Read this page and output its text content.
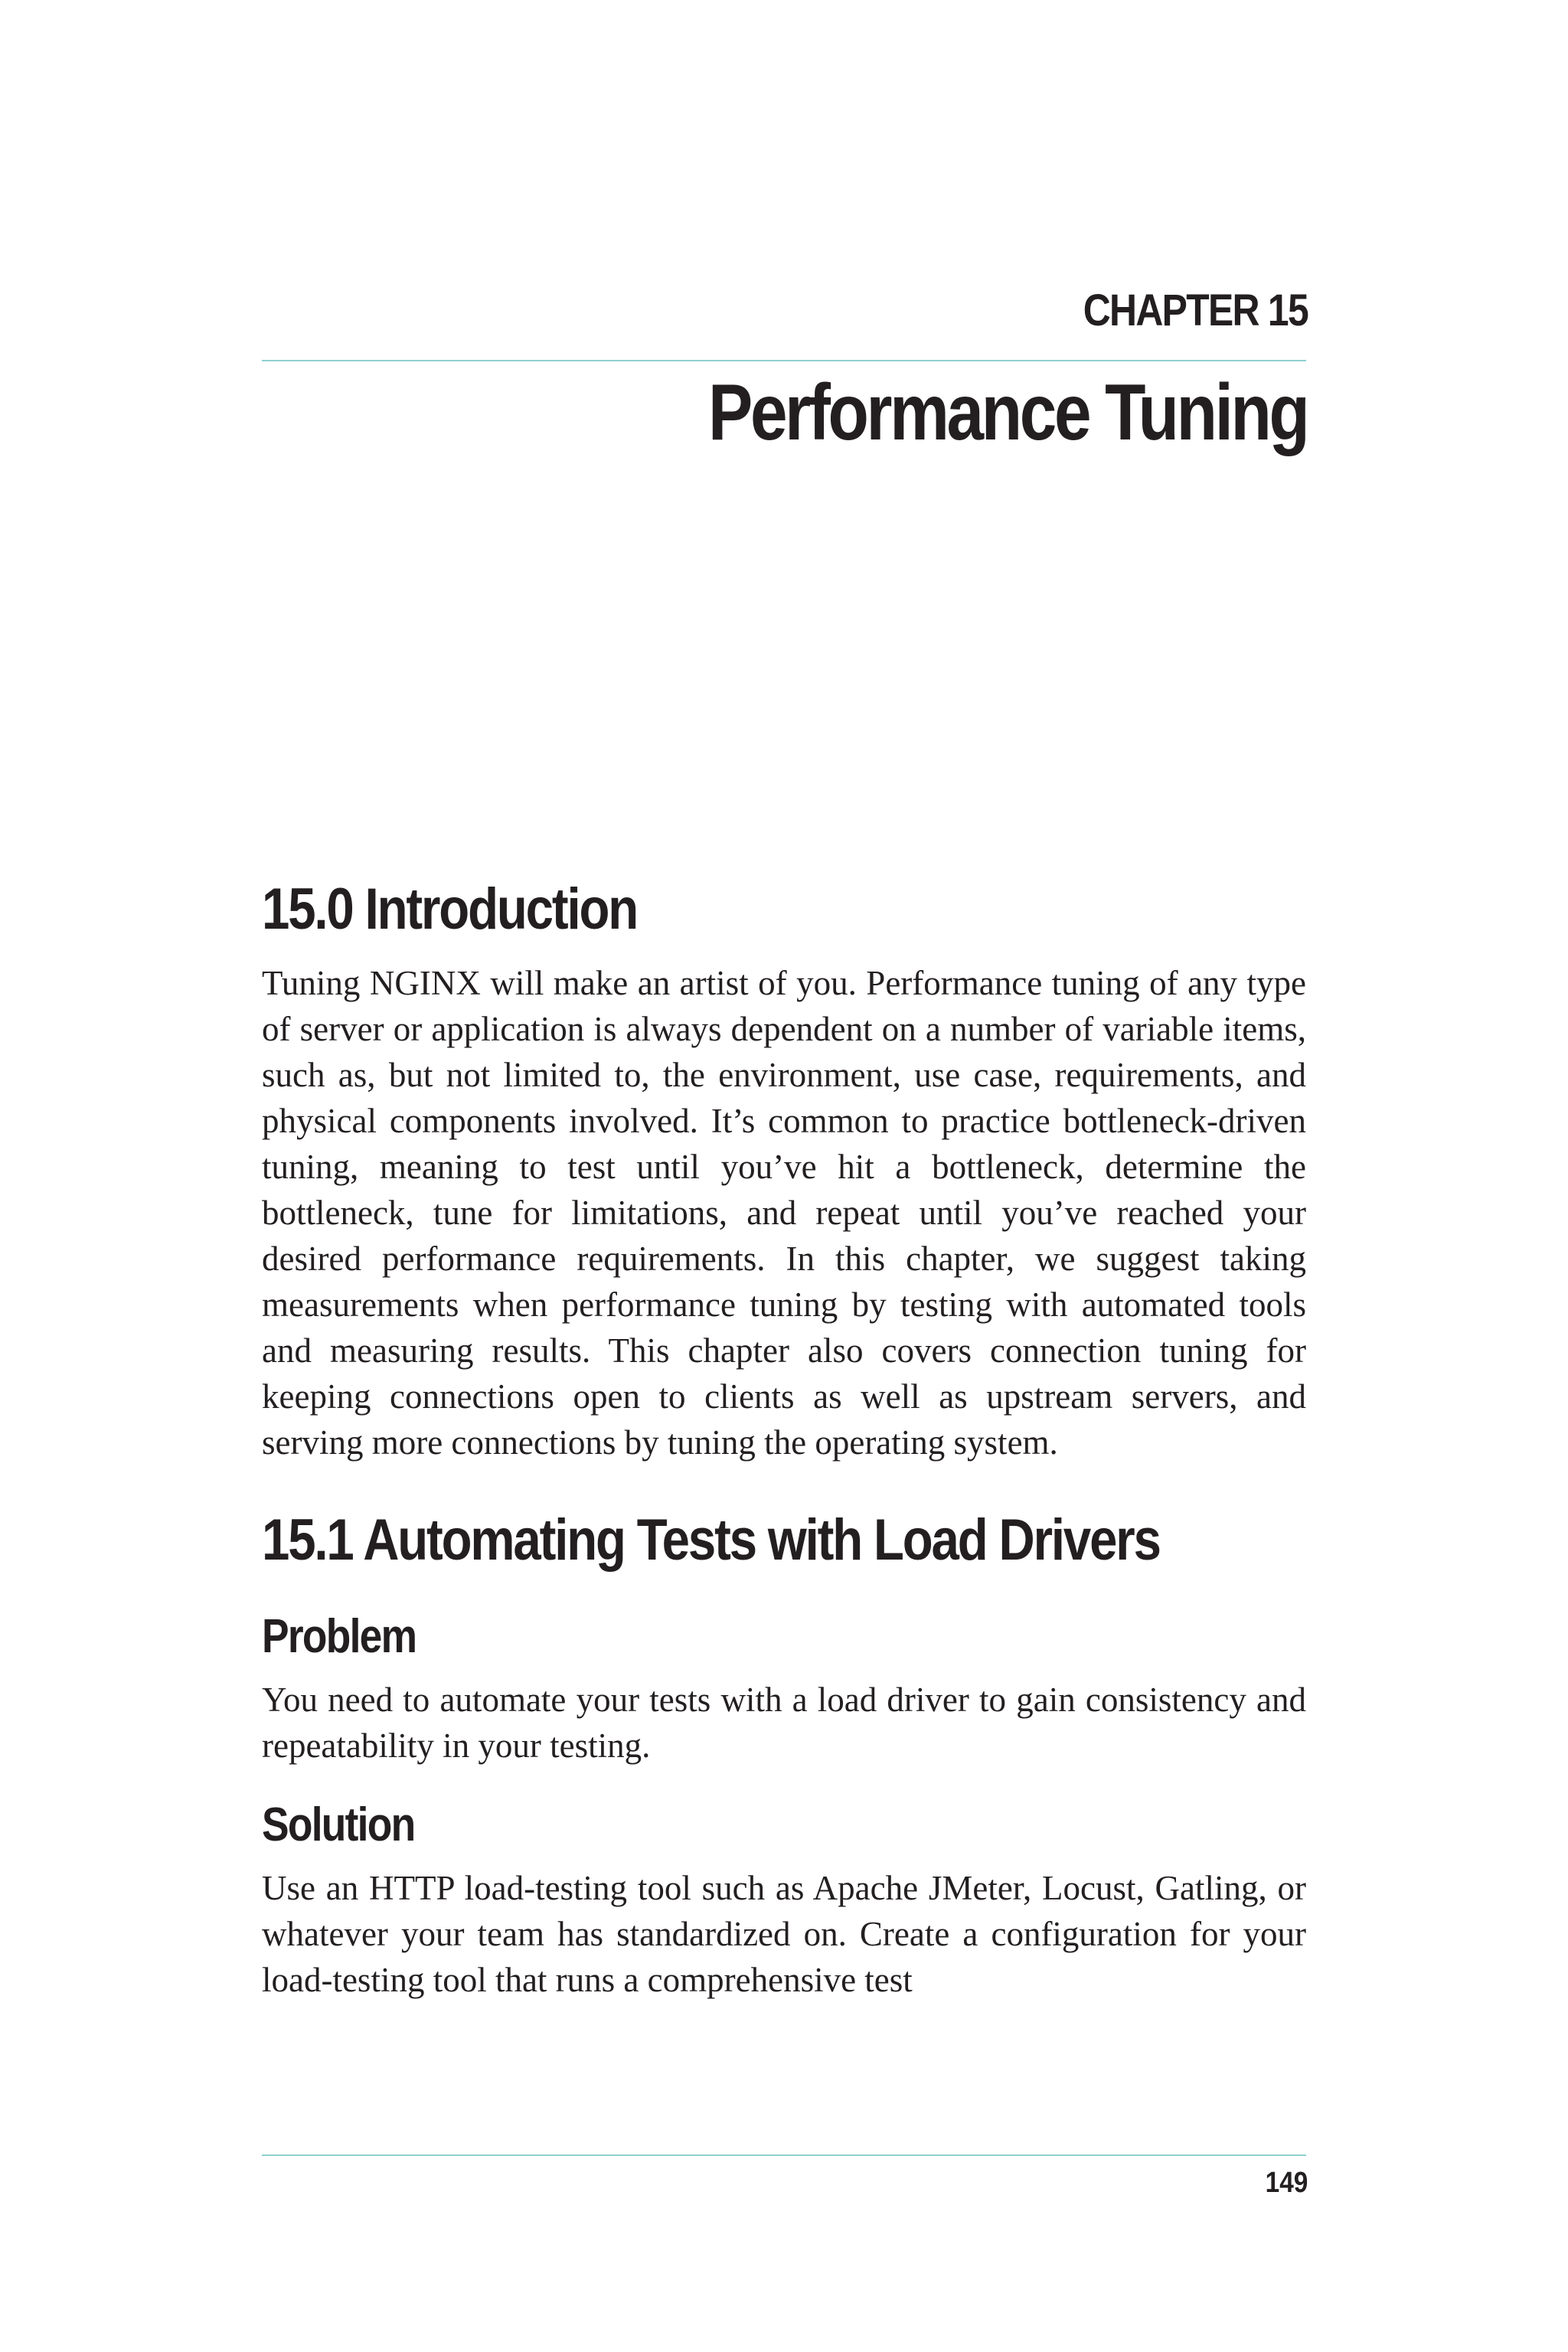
CHAPTER 15
Performance Tuning
15.0 Introduction

Tuning NGINX will make an artist of you. Performance tuning of any type of server or application is always dependent on a number of variable items, such as, but not limited to, the environment, use case, requirements, and physical components involved. It’s common to practice bottleneck-driven tuning, meaning to test until you’ve hit a bottleneck, determine the bottleneck, tune for limitations, and repeat until you’ve reached your desired performance requirements. In this chapter, we suggest taking measurements when performance tuning by testing with automated tools and measuring results. This chapter also covers connection tuning for keeping connections open to clients as well as upstream servers, and serving more connections by tuning the operating system.

15.1 Automating Tests with Load Drivers
Problem

You need to automate your tests with a load driver to gain consistency and repeatability in your testing.

Solution

Use an HTTP load-testing tool such as Apache JMeter, Locust, Gatling, or whatever your team has standardized on. Create a configuration for your load-testing tool that runs a comprehensive test

149
